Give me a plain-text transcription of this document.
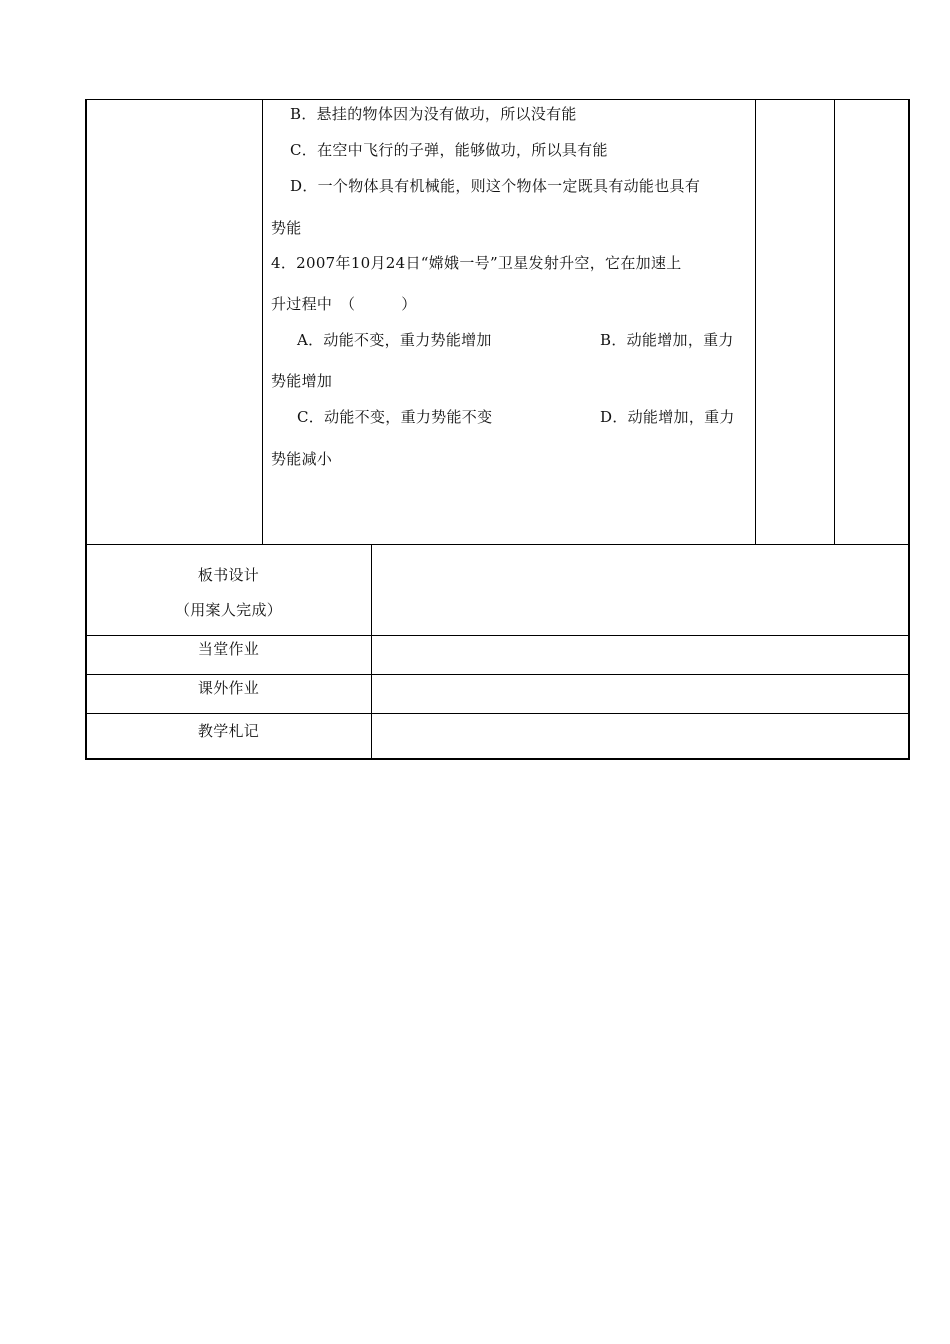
B．悬挂的物体因为没有做功，所以没有能
C．在空中飞行的子弹，能够做功，所以具有能
D．一个物体具有机械能，则这个物体一定既具有动能也具有
势能
4．2007年10月24日“嫦娥一号”卫星发射升空，它在加速上
升过程中　（　　　）
A．动能不变，重力势能增加	B．动能增加，重力
势能增加
C．动能不变，重力势能不变	D．动能增加，重力
势能减小
板书设计
（用案人完成）
当堂作业
课外作业
教学札记
